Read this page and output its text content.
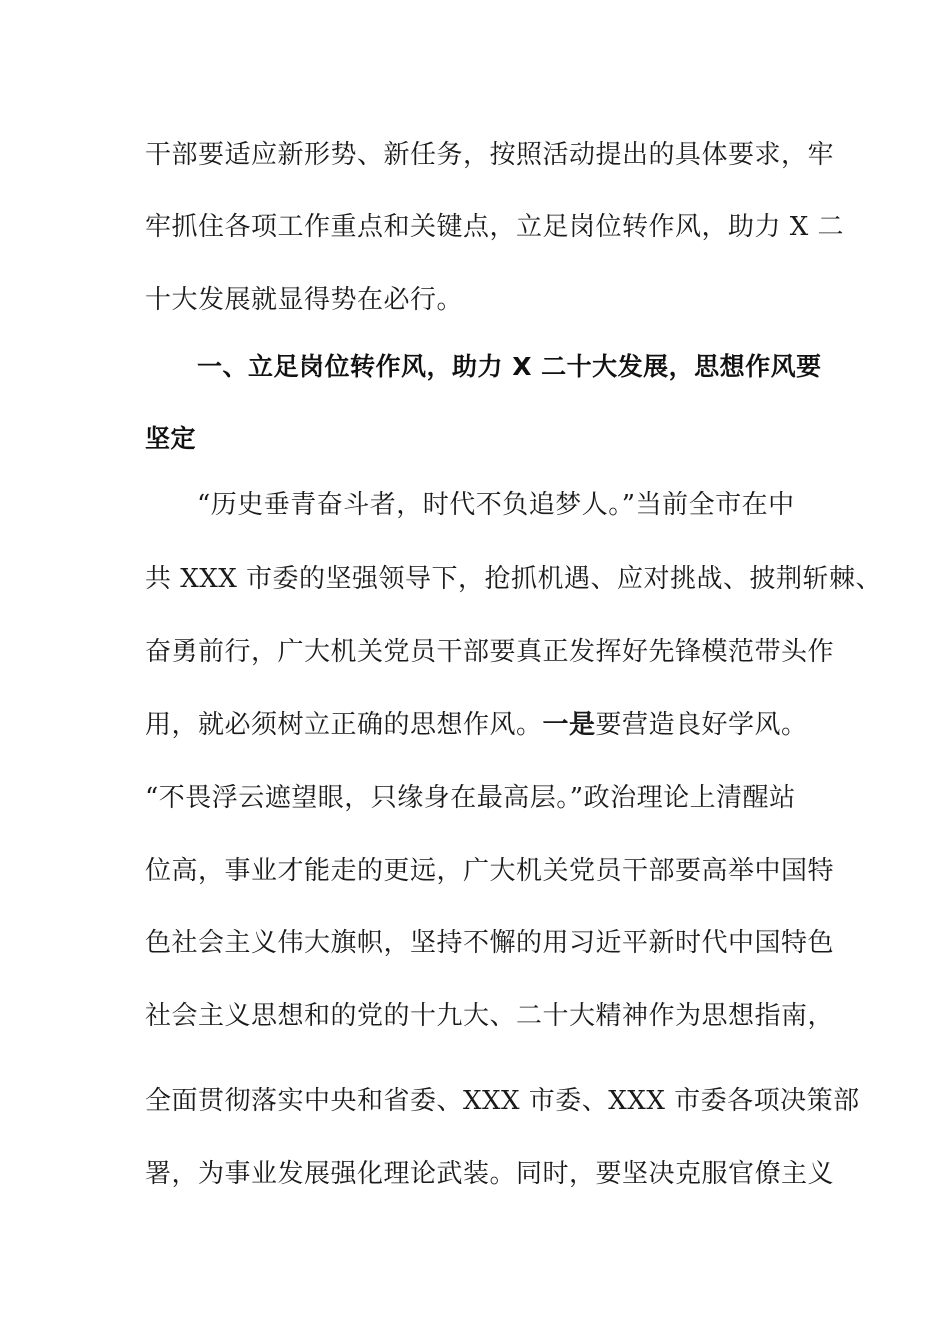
干部要适应新形势、新任务，按照活动提出的具体要求，牢
牢抓住各项工作重点和关键点，立足岗位转作风，助力 X 二
十大发展就显得势在必行。
一、立足岗位转作风，助力 X 二十大发展，思想作风要
坚定
“历史垂青奋斗者，时代不负追梦人。”当前全市在中
共 XXX 市委的坚强领导下，抢抓机遇、应对挑战、披荆斩棘、
奋勇前行，广大机关党员干部要真正发挥好先锋模范带头作
用，就必须树立正确的思想作风。一是要营造良好学风。
“不畏浮云遮望眼，只缘身在最高层。”政治理论上清醒站
位高，事业才能走的更远，广大机关党员干部要高举中国特
色社会主义伟大旗帜，坚持不懈的用习近平新时代中国特色
社会主义思想和的党的十九大、二十大精神作为思想指南，
全面贯彻落实中央和省委、XXX 市委、XXX 市委各项决策部
署，为事业发展强化理论武装。同时，要坚决克服官僚主义
